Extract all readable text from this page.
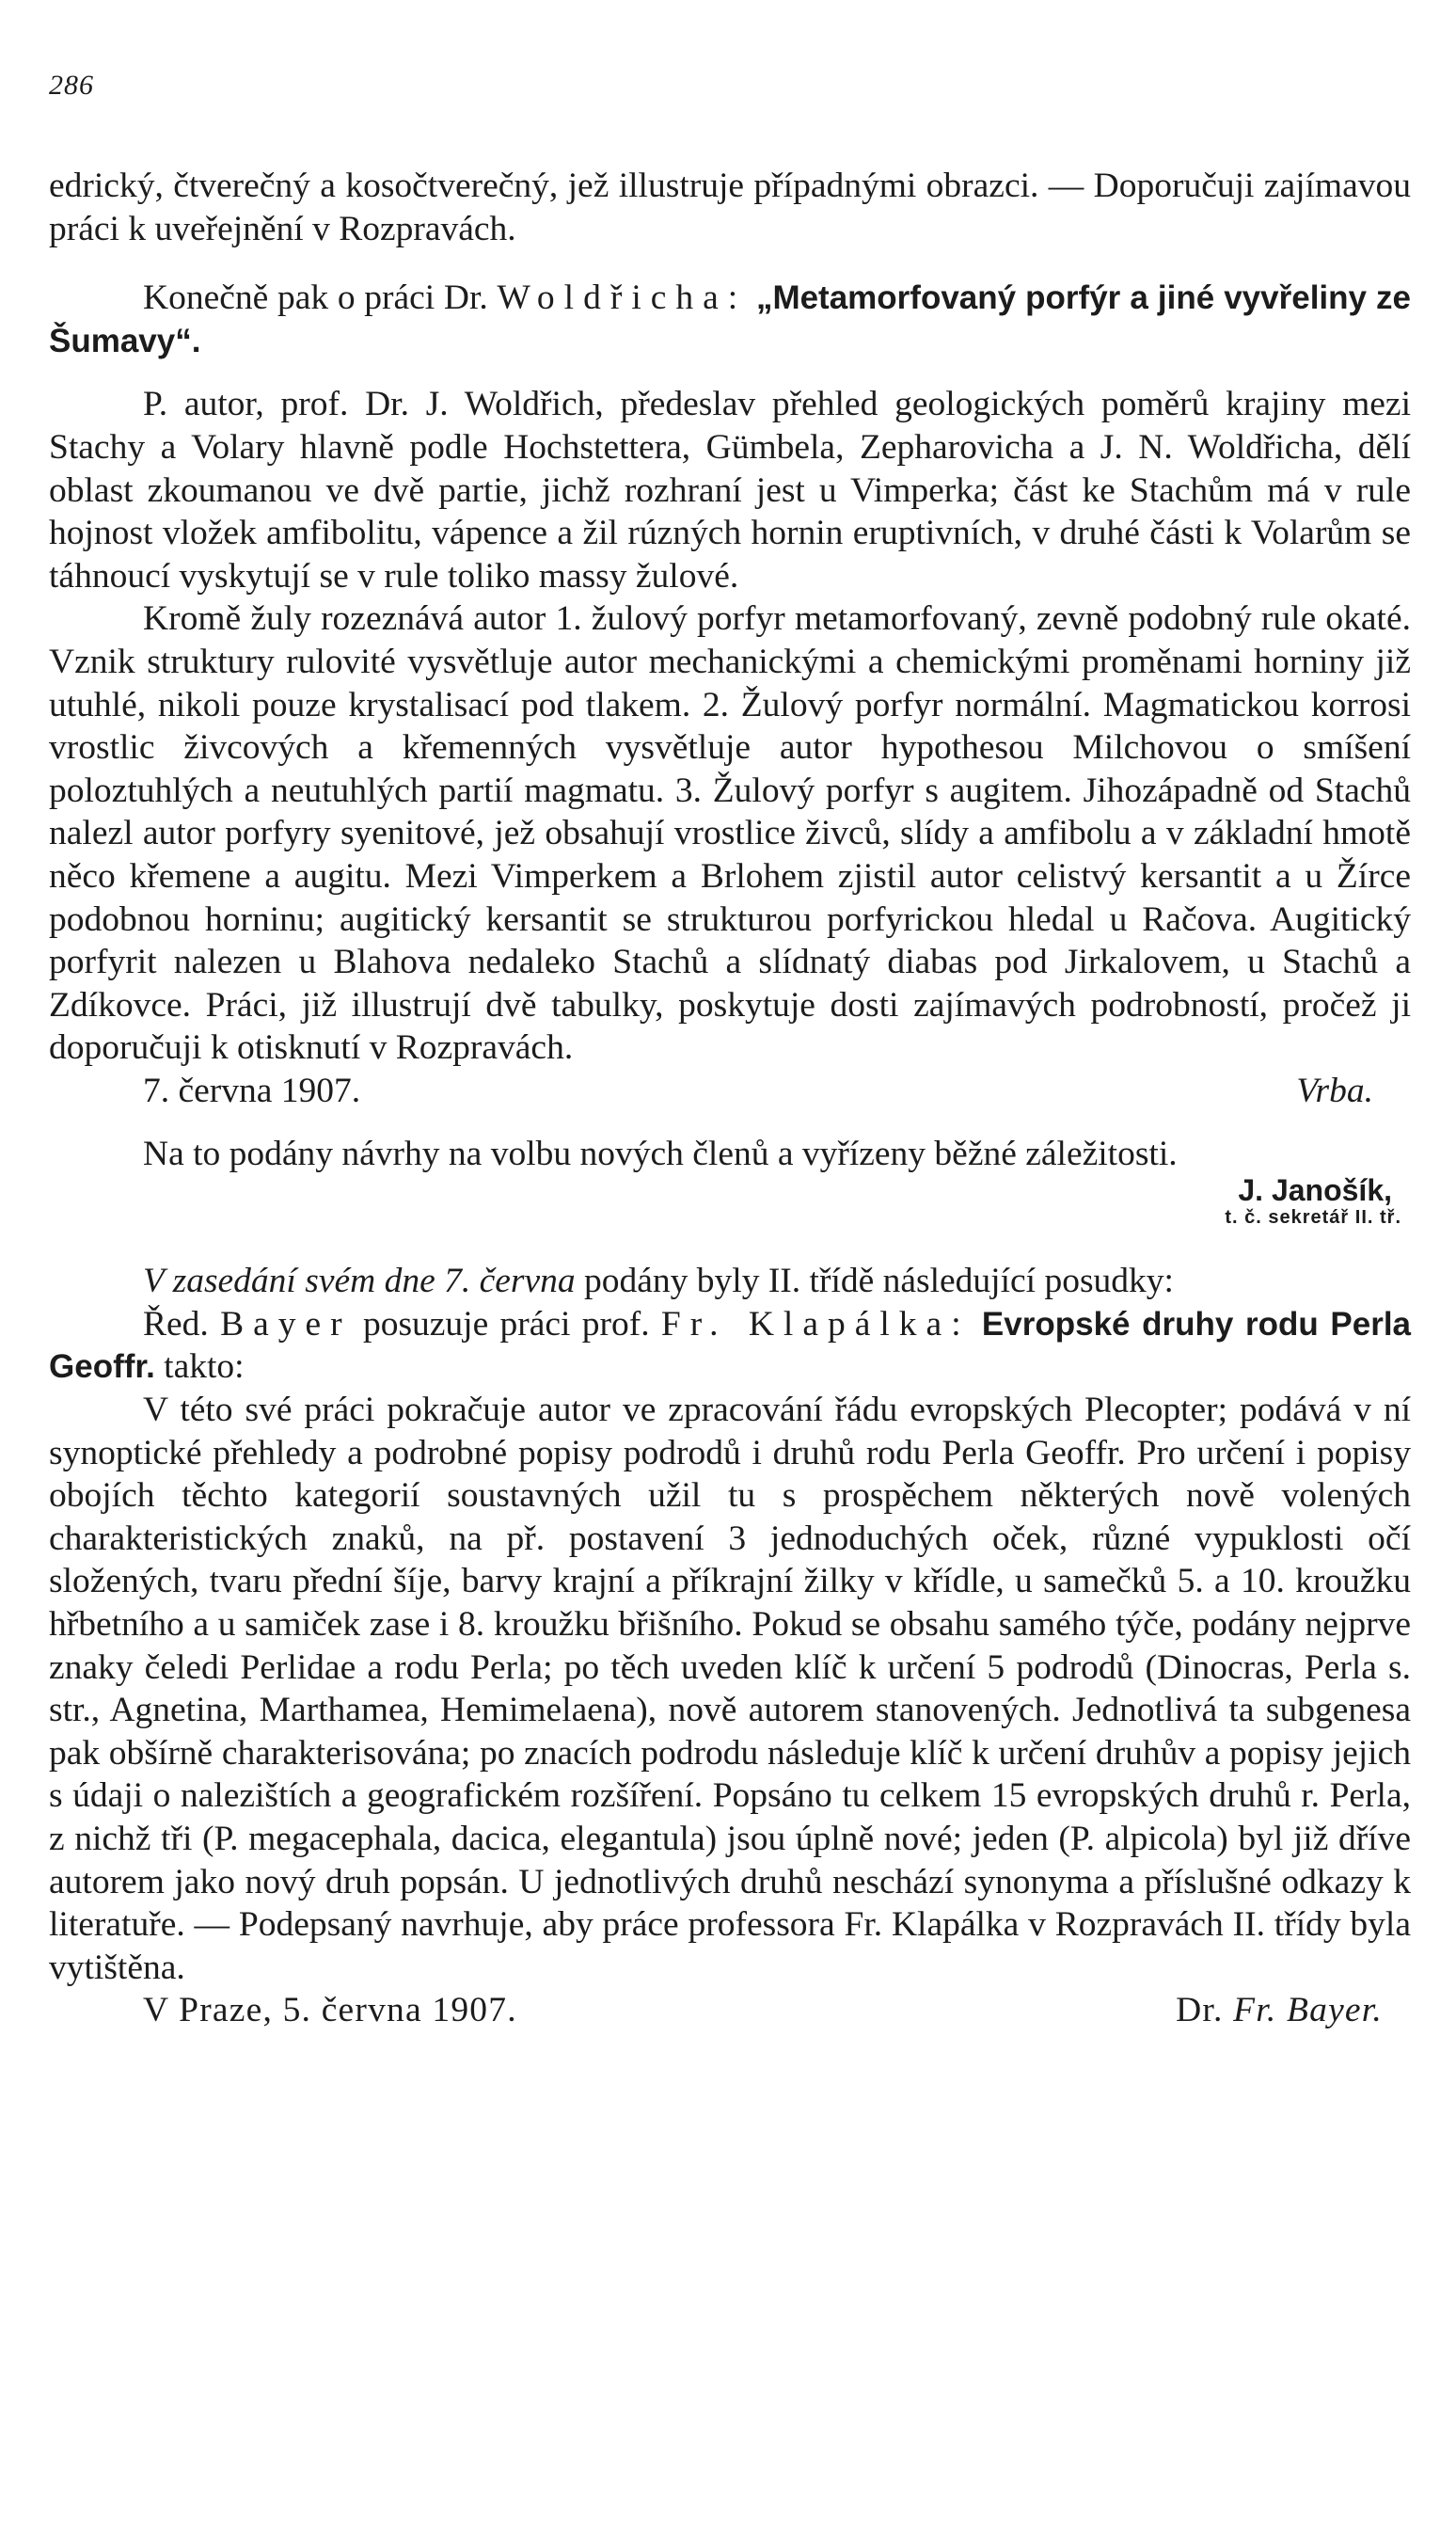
286

edrický, čtverečný a kosočtverečný, jež illustruje případnými obrazci. — Doporučuji zajímavou práci k uveřejnění v Rozpravách.

Konečně pak o práci Dr. Woldřicha: „Metamorfovaný porfýr a jiné vyvřeliny ze Šumavy“.

P. autor, prof. Dr. J. Woldřich, předeslav přehled geologických poměrů krajiny mezi Stachy a Volary hlavně podle Hochstettera, Gümbela, Zepharovicha a J. N. Woldřicha, dělí oblast zkoumanou ve dvě partie, jichž rozhraní jest u Vimperka; část ke Stachům má v rule hojnost vložek amfibolitu, vápence a žil rúzných hornin eruptivních, v druhé části k Volarům se táhnoucí vyskytují se v rule toliko massy žulové.

Kromě žuly rozeznává autor 1. žulový porfyr metamorfovaný, zevně podobný rule okaté. Vznik struktury rulovité vysvětluje autor mechanickými a chemickými proměnami horniny již utuhlé, nikoli pouze krystalisací pod tlakem. 2. Žulový porfyr normální. Magmatickou korrosi vrostlic živcových a křemenných vysvětluje autor hypothesou Milchovou o smíšení poloztuhlých a neutuhlých partií magmatu. 3. Žulový porfyr s augitem. Jihozápadně od Stachů nalezl autor porfyry syenitové, jež obsahují vrostlice živců, slídy a amfibolu a v základní hmotě něco křemene a augitu. Mezi Vimperkem a Brlohem zjistil autor celistvý kersantit a u Žírce podobnou horninu; augitický kersantit se strukturou porfyrickou hledal u Račova. Augitický porfyrit nalezen u Blahova nedaleko Stachů a slídnatý diabas pod Jirkalovem, u Stachů a Zdíkovce. Práci, již illustrují dvě tabulky, poskytuje dosti zajímavých podrobností, pročež ji doporučuji k otisknutí v Rozpravách.

7. června 1907.	Vrba.

Na to podány návrhy na volbu nových členů a vyřízeny běžné záležitosti.

J. Janošík,
t. č. sekretář II. tř.

V zasedání svém dne 7. června podány byly II. třídě následující posudky:

Řed. Bayer posuzuje práci prof. Fr. Klapálka: Evropské druhy rodu Perla Geoffr. takto:

V této své práci pokračuje autor ve zpracování řádu evropských Plecopter; podává v ní synoptické přehledy a podrobné popisy podrodů i druhů rodu Perla Geoffr. Pro určení i popisy obojích těchto kategorií soustavných užil tu s prospěchem některých nově volených charakteristických znaků, na př. postavení 3 jednoduchých oček, různé vypuklosti očí složených, tvaru přední šíje, barvy krajní a příkrajní žilky v křídle, u samečků 5. a 10. kroužku hřbetního a u samiček zase i 8. kroužku břišního. Pokud se obsahu samého týče, podány nejprve znaky čeledi Perlidae a rodu Perla; po těch uveden klíč k určení 5 podrodů (Dinocras, Perla s. str., Agnetina, Marthamea, Hemimelaena), nově autorem stanovených. Jednotlivá ta subgenesa pak obšírně charakterisována; po znacích podrodu následuje klíč k určení druhův a popisy jejich s údaji o nalezištích a geografickém rozšíření. Popsáno tu celkem 15 evropských druhů r. Perla, z nichž tři (P. megacephala, dacica, elegantula) jsou úplně nové; jeden (P. alpicola) byl již dříve autorem jako nový druh popsán. U jednotlivých druhů neschází synonyma a příslušné odkazy k literatuře. — Podepsaný navrhuje, aby práce professora Fr. Klapálka v Rozpravách II. třídy byla vytištěna.

V Praze, 5. června 1907.	Dr. Fr. Bayer.
